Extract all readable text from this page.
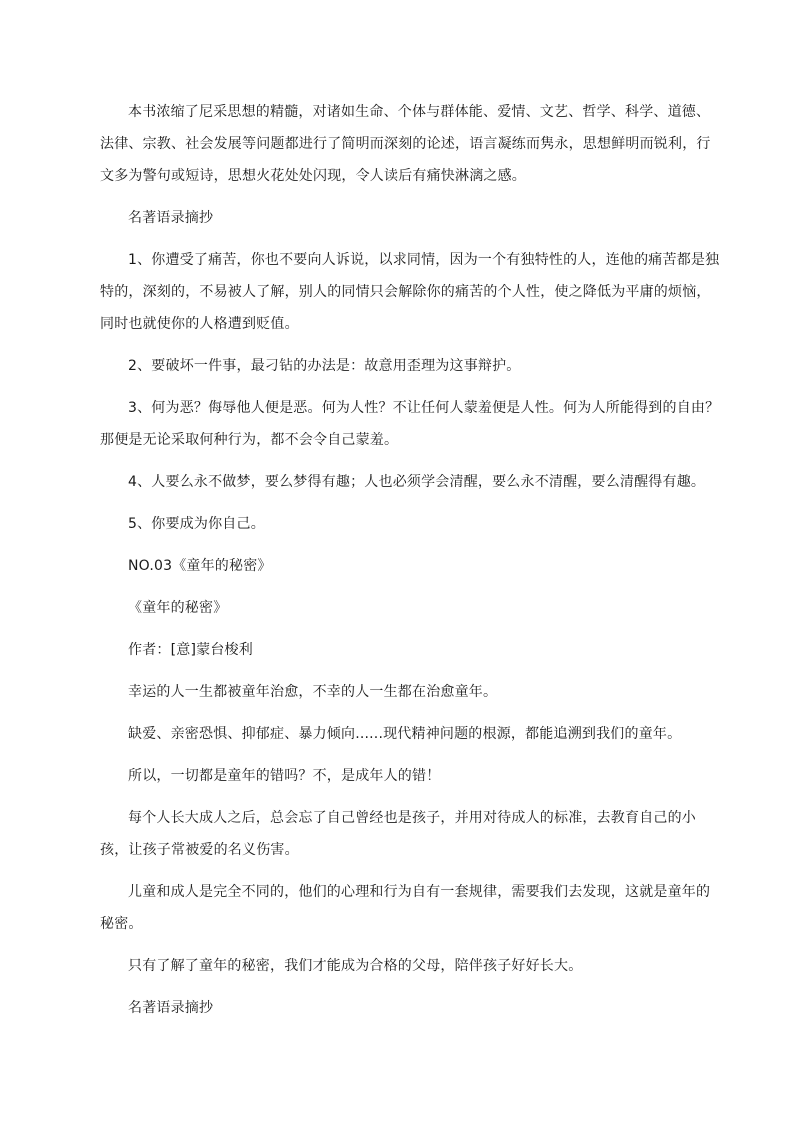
本书浓缩了尼采思想的精髓，对诸如生命、个体与群体能、爱情、文艺、哲学、科学、道德、法律、宗教、社会发展等问题都进行了简明而深刻的论述，语言凝练而隽永，思想鲜明而锐利，行文多为警句或短诗，思想火花处处闪现，令人读后有痛快淋漓之感。

名著语录摘抄

1、你遭受了痛苦，你也不要向人诉说，以求同情，因为一个有独特性的人，连他的痛苦都是独特的，深刻的，不易被人了解，别人的同情只会解除你的痛苦的个人性，使之降低为平庸的烦恼，同时也就使你的人格遭到贬值。

2、要破坏一件事，最刁钻的办法是：故意用歪理为这事辩护。

3、何为恶？侮辱他人便是恶。何为人性？不让任何人蒙羞便是人性。何为人所能得到的自由？那便是无论采取何种行为，都不会令自己蒙羞。

4、人要么永不做梦，要么梦得有趣；人也必须学会清醒，要么永不清醒，要么清醒得有趣。

5、你要成为你自己。

NO.03《童年的秘密》

《童年的秘密》

作者：[意]蒙台梭利

幸运的人一生都被童年治愈，不幸的人一生都在治愈童年。

缺爱、亲密恐惧、抑郁症、暴力倾向......现代精神问题的根源，都能追溯到我们的童年。

所以，一切都是童年的错吗？不，是成年人的错！

每个人长大成人之后，总会忘了自己曾经也是孩子，并用对待成人的标准，去教育自己的小孩，让孩子常被爱的名义伤害。

儿童和成人是完全不同的，他们的心理和行为自有一套规律，需要我们去发现，这就是童年的秘密。

只有了解了童年的秘密，我们才能成为合格的父母，陪伴孩子好好长大。

名著语录摘抄
